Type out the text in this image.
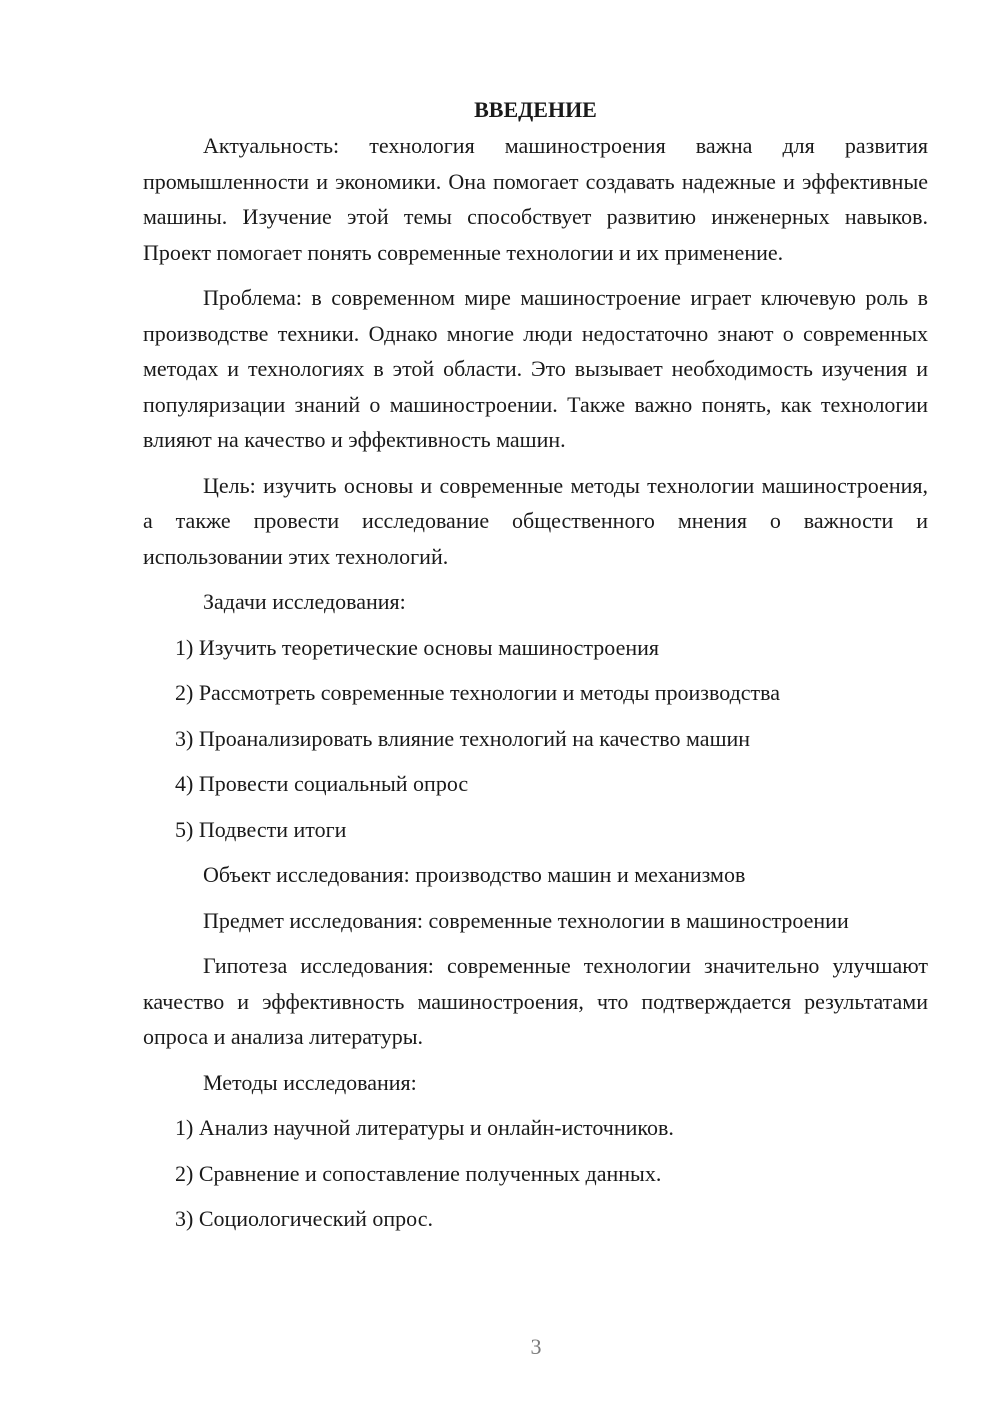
ВВЕДЕНИЕ

Актуальность: технология машиностроения важна для развития промышленности и экономики. Она помогает создавать надежные и эффективные машины. Изучение этой темы способствует развитию инженерных навыков. Проект помогает понять современные технологии и их применение.

Проблема: в современном мире машиностроение играет ключевую роль в производстве техники. Однако многие люди недостаточно знают о современных методах и технологиях в этой области. Это вызывает необходимость изучения и популяризации знаний о машиностроении. Также важно понять, как технологии влияют на качество и эффективность машин.

Цель: изучить основы и современные методы технологии машиностроения, а также провести исследование общественного мнения о важности и использовании этих технологий.

Задачи исследования:

1) Изучить теоретические основы машиностроения

2) Рассмотреть современные технологии и методы производства

3) Проанализировать влияние технологий на качество машин

4) Провести социальный опрос

5) Подвести итоги

Объект исследования: производство машин и механизмов

Предмет исследования: современные технологии в машиностроении

Гипотеза исследования: современные технологии значительно улучшают качество и эффективность машиностроения, что подтверждается результатами опроса и анализа литературы.

Методы исследования:

1) Анализ научной литературы и онлайн-источников.

2) Сравнение и сопоставление полученных данных.

3) Социологический опрос.

3
